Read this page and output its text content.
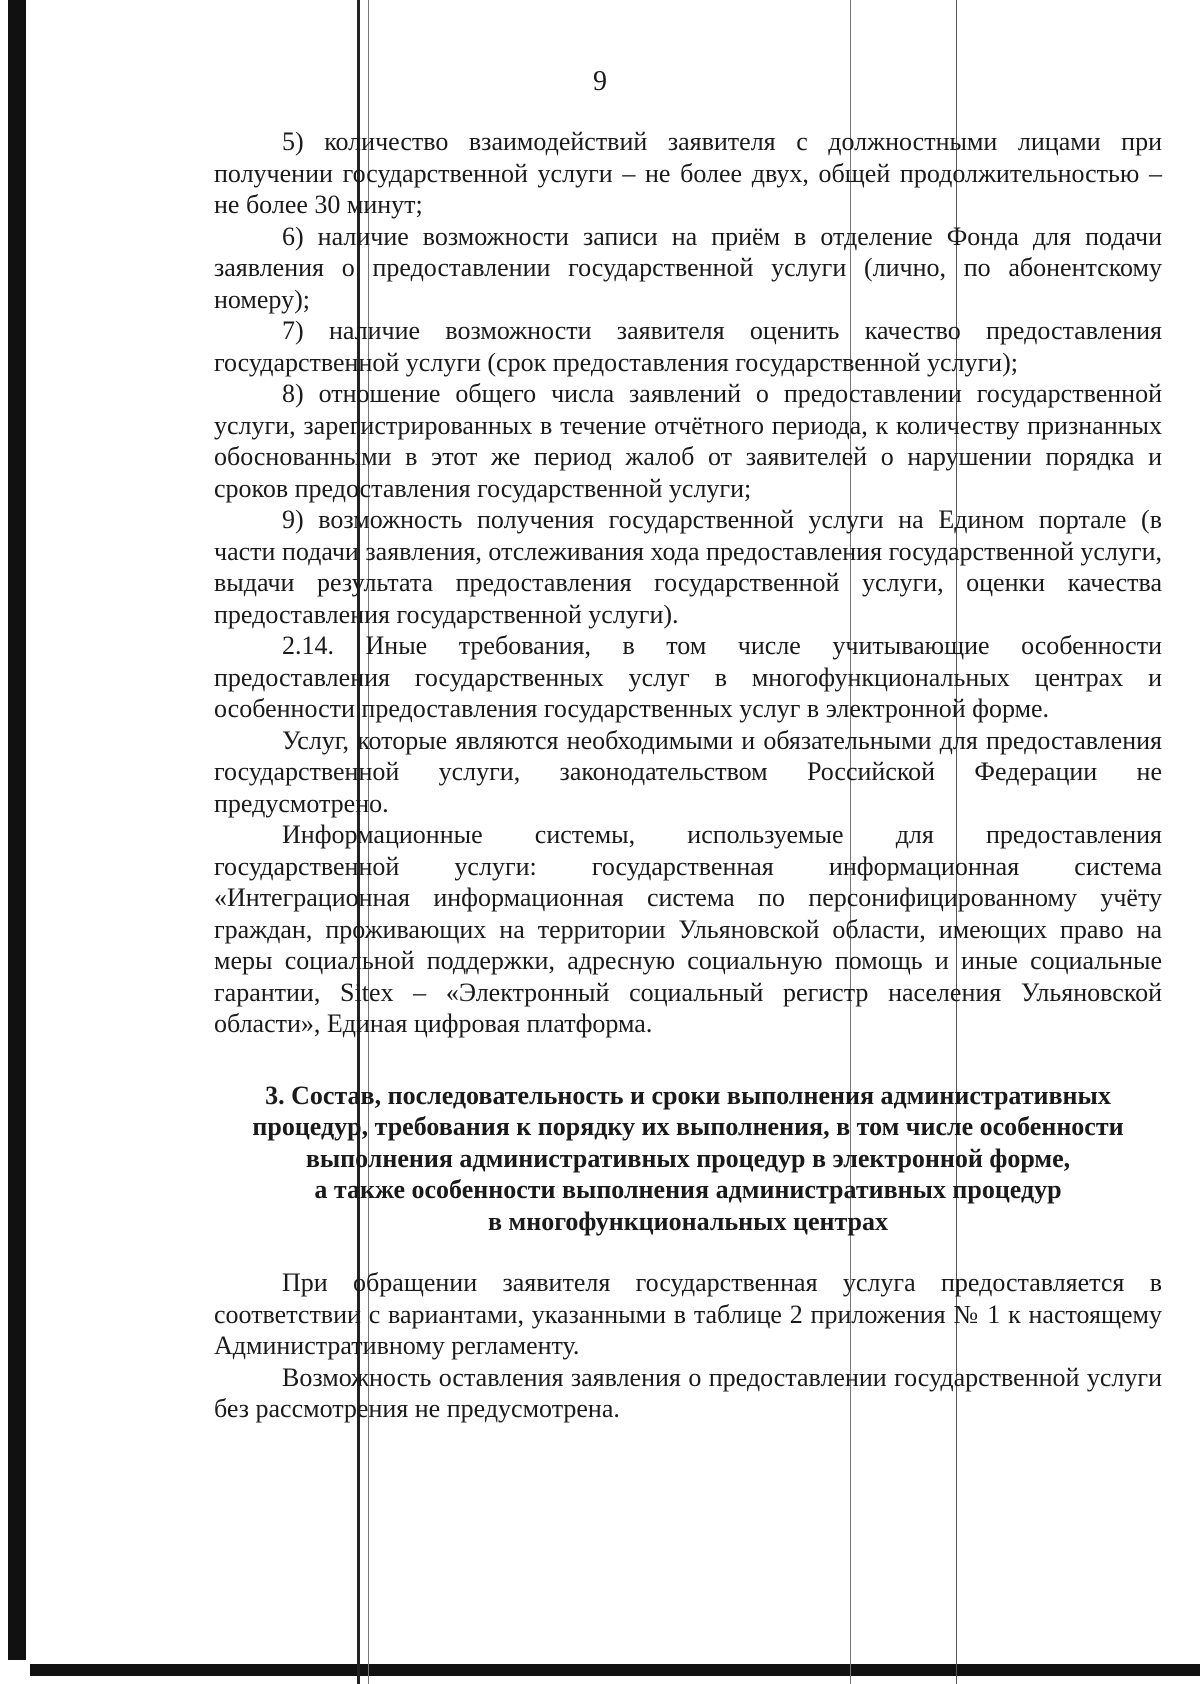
9

5) количество взаимодействий заявителя с должностными лицами при получении государственной услуги – не более двух, общей продолжительностью – не более 30 минут;

6) наличие возможности записи на приём в отделение Фонда для подачи заявления о предоставлении государственной услуги (лично, по абонентскому номеру);

7) наличие возможности заявителя оценить качество предоставления государственной услуги (срок предоставления государственной услуги);

8) отношение общего числа заявлений о предоставлении государственной услуги, зарегистрированных в течение отчётного периода, к количеству признанных обоснованными в этот же период жалоб от заявителей о нарушении порядка и сроков предоставления государственной услуги;

9) возможность получения государственной услуги на Едином портале (в части подачи заявления, отслеживания хода предоставления государственной услуги, выдачи результата предоставления государственной услуги, оценки качества предоставления государственной услуги).

2.14. Иные требования, в том числе учитывающие особенности предоставления государственных услуг в многофункциональных центрах и особенности предоставления государственных услуг в электронной форме.

Услуг, которые являются необходимыми и обязательными для предоставления государственной услуги, законодательством Российской Федерации не предусмотрено.

Информационные системы, используемые для предоставления государственной услуги: государственная информационная система «Интеграционная информационная система по персонифицированному учёту граждан, проживающих на территории Ульяновской области, имеющих право на меры социальной поддержки, адресную социальную помощь и иные социальные гарантии, Sitex – «Электронный социальный регистр населения Ульяновской области», Единая цифровая платформа.

3. Состав, последовательность и сроки выполнения административных
процедур, требования к порядку их выполнения, в том числе особенности
выполнения административных процедур в электронной форме,
а также особенности выполнения административных процедур
в многофункциональных центрах

При обращении заявителя государственная услуга предоставляется в соответствии с вариантами, указанными в таблице 2 приложения № 1 к настоящему Административному регламенту.

Возможность оставления заявления о предоставлении государственной услуги без рассмотрения не предусмотрена.
